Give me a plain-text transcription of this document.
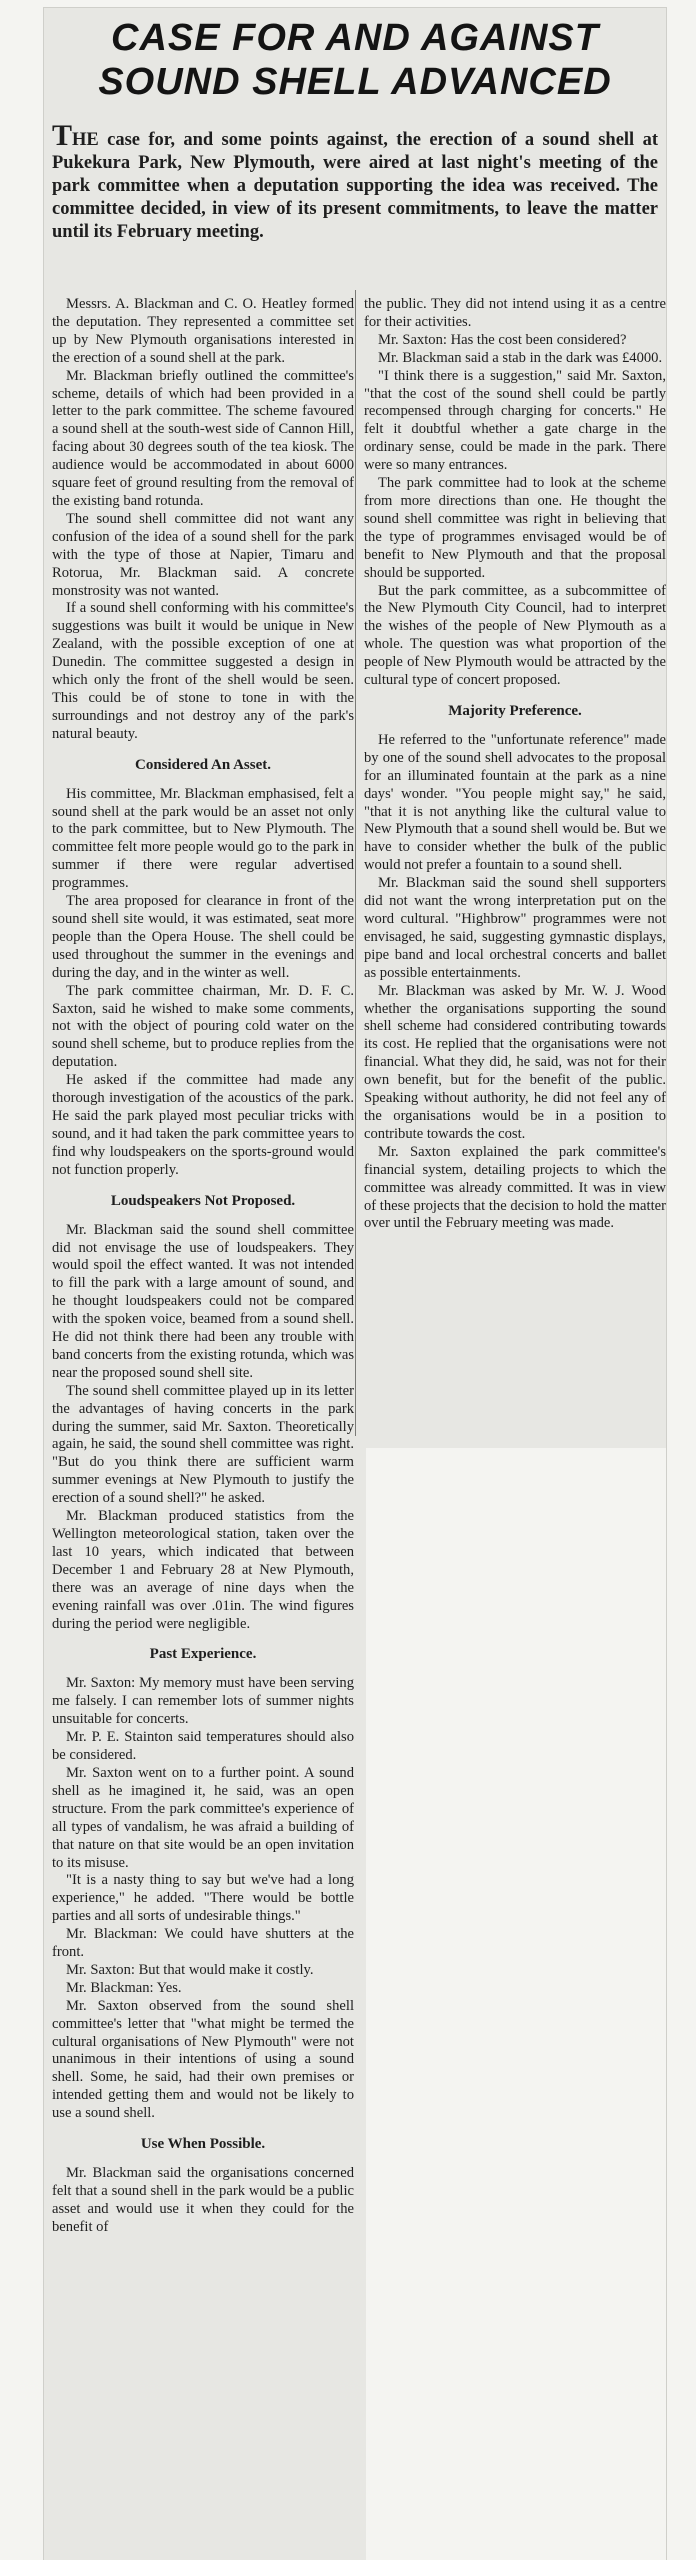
CASE FOR AND AGAINST SOUND SHELL ADVANCED
THE case for, and some points against, the erection of a sound shell at Pukekura Park, New Plymouth, were aired at last night's meeting of the park committee when a deputation supporting the idea was received. The committee decided, in view of its present commitments, to leave the matter until its February meeting.

Messrs. A. Blackman and C. O. Heatley formed the deputation. They represented a committee set up by New Plymouth organisations interested in the erection of a sound shell at the park.

Mr. Blackman briefly outlined the committee's scheme, details of which had been provided in a letter to the park committee. The scheme favoured a sound shell at the south-west side of Cannon Hill, facing about 30 degrees south of the tea kiosk. The audience would be accommodated in about 6000 square feet of ground resulting from the removal of the existing band rotunda.

The sound shell committee did not want any confusion of the idea of a sound shell for the park with the type of those at Napier, Timaru and Rotorua, Mr. Blackman said. A concrete monstrosity was not wanted.

If a sound shell conforming with his committee's suggestions was built it would be unique in New Zealand, with the possible exception of one at Dunedin. The committee suggested a design in which only the front of the shell would be seen. This could be of stone to tone in with the surroundings and not destroy any of the park's natural beauty.

Considered An Asset.

His committee, Mr. Blackman emphasised, felt a sound shell at the park would be an asset not only to the park committee, but to New Plymouth. The committee felt more people would go to the park in summer if there were regular advertised programmes.

The area proposed for clearance in front of the sound shell site would, it was estimated, seat more people than the Opera House. The shell could be used throughout the summer in the evenings and during the day, and in the winter as well.

The park committee chairman, Mr. D. F. C. Saxton, said he wished to make some comments, not with the object of pouring cold water on the sound shell scheme, but to produce replies from the deputation.

He asked if the committee had made any thorough investigation of the acoustics of the park. He said the park played most peculiar tricks with sound, and it had taken the park committee years to find why loudspeakers on the sports-ground would not function properly.

Loudspeakers Not Proposed.

Mr. Blackman said the sound shell committee did not envisage the use of loudspeakers. They would spoil the effect wanted. It was not intended to fill the park with a large amount of sound, and he thought loudspeakers could not be compared with the spoken voice, beamed from a sound shell. He did not think there had been any trouble with band concerts from the existing rotunda, which was near the proposed sound shell site.

The sound shell committee played up in its letter the advantages of having concerts in the park during the summer, said Mr. Saxton. Theoretically again, he said, the sound shell committee was right. "But do you think there are sufficient warm summer evenings at New Plymouth to justify the erection of a sound shell?" he asked.

Mr. Blackman produced statistics from the Wellington meteorological station, taken over the last 10 years, which indicated that between December 1 and February 28 at New Plymouth, there was an average of nine days when the evening rainfall was over .01in. The wind figures during the period were negligible.

Past Experience.

Mr. Saxton: My memory must have been serving me falsely. I can remember lots of summer nights unsuitable for concerts.

Mr. P. E. Stainton said temperatures should also be considered.

Mr. Saxton went on to a further point. A sound shell as he imagined it, he said, was an open structure. From the park committee's experience of all types of vandalism, he was afraid a building of that nature on that site would be an open invitation to its misuse.

"It is a nasty thing to say but we've had a long experience," he added. "There would be bottle parties and all sorts of undesirable things."

Mr. Blackman: We could have shutters at the front.

Mr. Saxton: But that would make it costly.

Mr. Blackman: Yes.

Mr. Saxton observed from the sound shell committee's letter that "what might be termed the cultural organisations of New Plymouth" were not unanimous in their intentions of using a sound shell. Some, he said, had their own premises or intended getting them and would not be likely to use a sound shell.

Use When Possible.

Mr. Blackman said the organisations concerned felt that a sound shell in the park would be a public asset and would use it when they could for the benefit of

the public. They did not intend using it as a centre for their activities.

Mr. Saxton: Has the cost been considered?

Mr. Blackman said a stab in the dark was £4000.

"I think there is a suggestion," said Mr. Saxton, "that the cost of the sound shell could be partly recompensed through charging for concerts." He felt it doubtful whether a gate charge in the ordinary sense, could be made in the park. There were so many entrances.

The park committee had to look at the scheme from more directions than one. He thought the sound shell committee was right in believing that the type of programmes envisaged would be of benefit to New Plymouth and that the proposal should be supported.

But the park committee, as a subcommittee of the New Plymouth City Council, had to interpret the wishes of the people of New Plymouth as a whole. The question was what proportion of the people of New Plymouth would be attracted by the cultural type of concert proposed.

Majority Preference.

He referred to the "unfortunate reference" made by one of the sound shell advocates to the proposal for an illuminated fountain at the park as a nine days' wonder. "You people might say," he said, "that it is not anything like the cultural value to New Plymouth that a sound shell would be. But we have to consider whether the bulk of the public would not prefer a fountain to a sound shell.

Mr. Blackman said the sound shell supporters did not want the wrong interpretation put on the word cultural. "Highbrow" programmes were not envisaged, he said, suggesting gymnastic displays, pipe band and local orchestral concerts and ballet as possible entertainments.

Mr. Blackman was asked by Mr. W. J. Wood whether the organisations supporting the sound shell scheme had considered contributing towards its cost. He replied that the organisations were not financial. What they did, he said, was not for their own benefit, but for the benefit of the public. Speaking without authority, he did not feel any of the organisations would be in a position to contribute towards the cost.

Mr. Saxton explained the park committee's financial system, detailing projects to which the committee was already committed. It was in view of these projects that the decision to hold the matter over until the February meeting was made.
